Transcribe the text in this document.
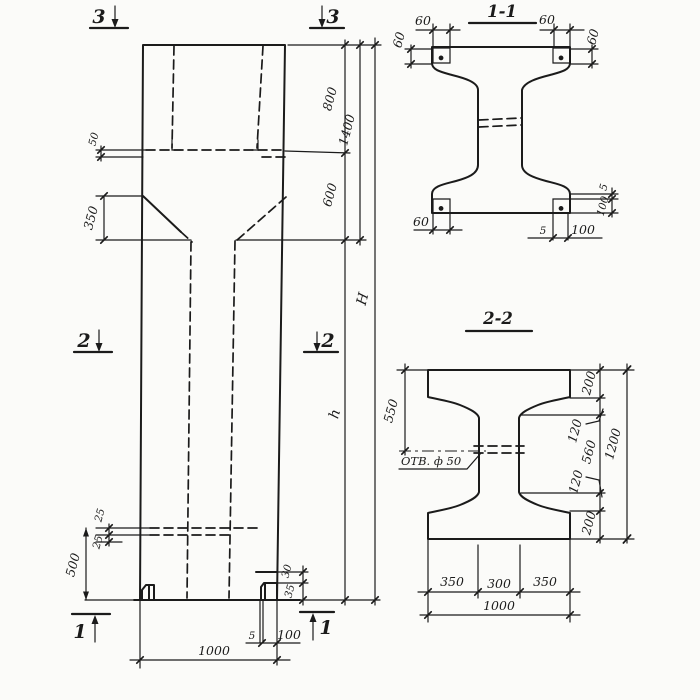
3	3
2	2
1	1
50
350
800
1400
600
H
h
25
25
500	30
35
5 100
1000
1-1
60
60
60
60
5
100
60
5 100
2-2
ОТВ. ф 50
550
200
120
560
120
200
1200
350 300 350
1000
